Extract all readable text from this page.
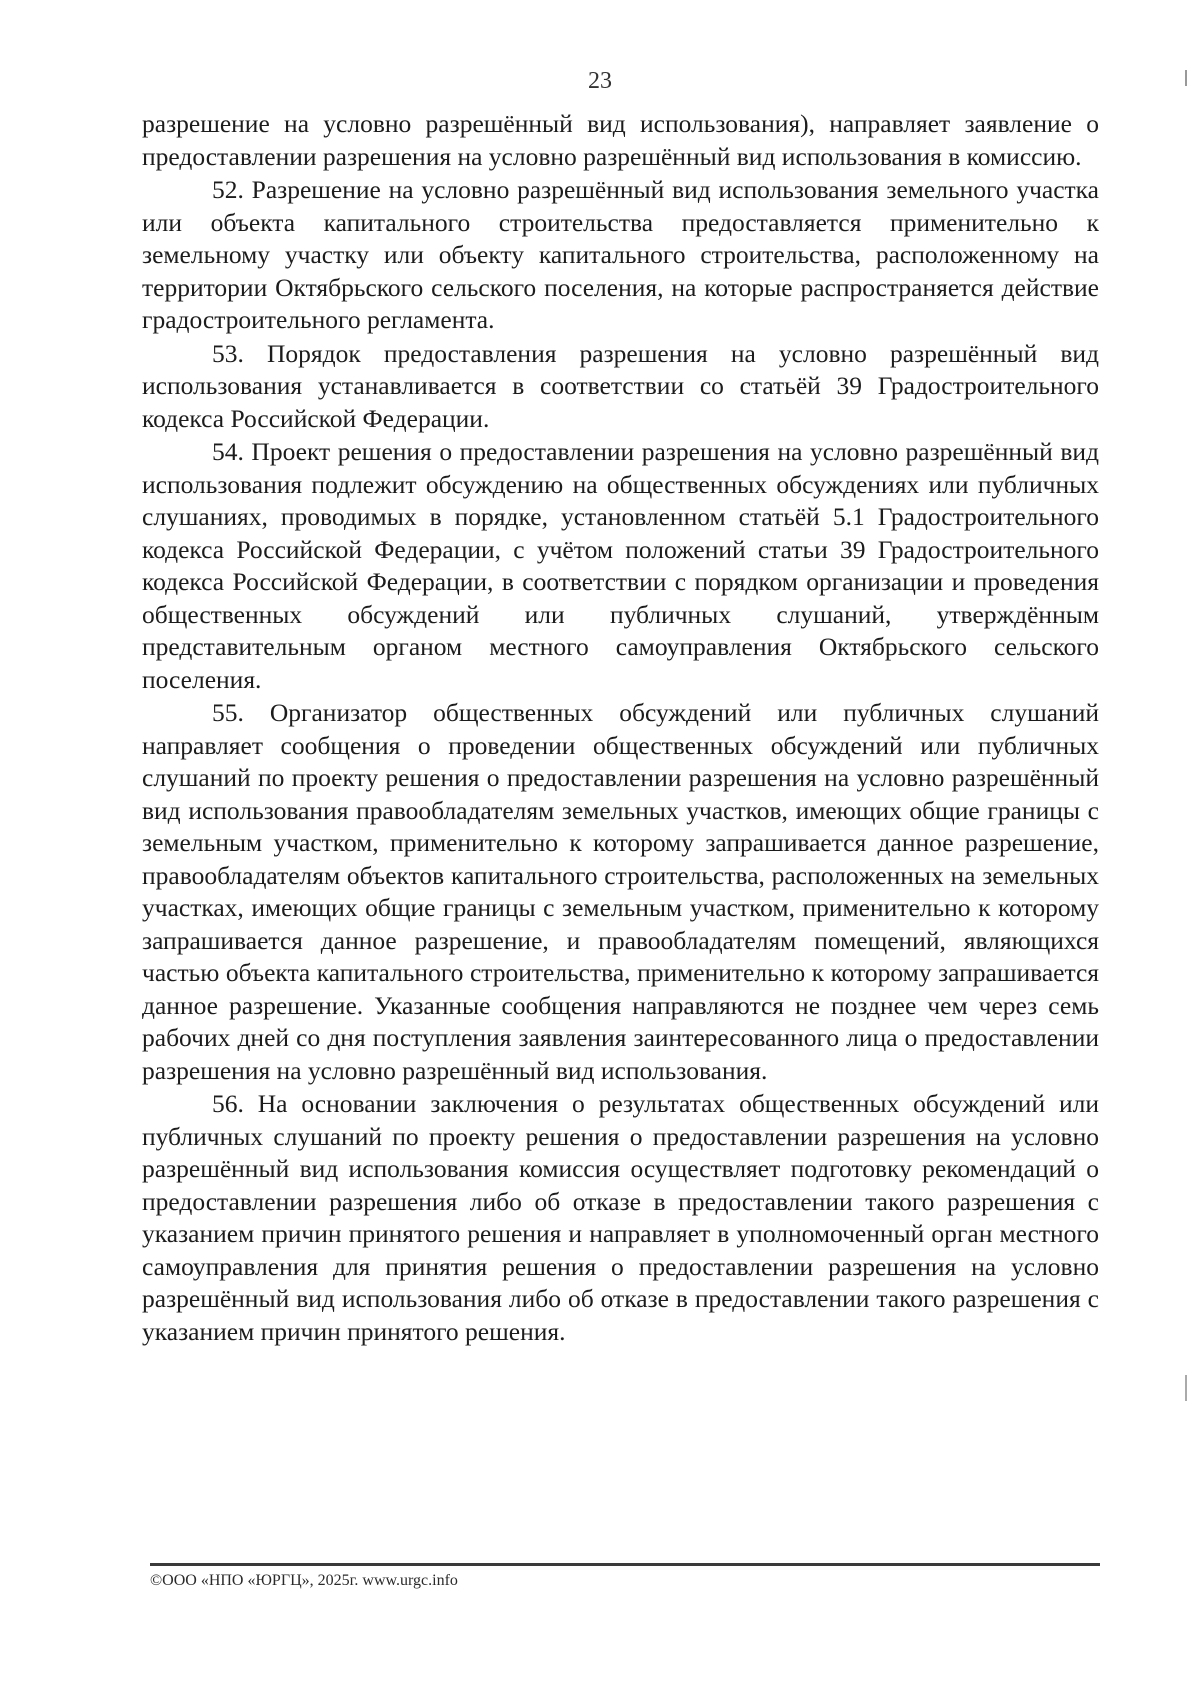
23

разрешение на условно разрешённый вид использования), направляет заявление о предоставлении разрешения на условно разрешённый вид использования в комиссию.

52. Разрешение на условно разрешённый вид использования земельного участка или объекта капитального строительства предоставляется применительно к земельному участку или объекту капитального строительства, расположенному на территории Октябрьского сельского поселения, на которые распространяется действие градостроительного регламента.

53. Порядок предоставления разрешения на условно разрешённый вид использования устанавливается в соответствии со статьёй 39 Градостроительного кодекса Российской Федерации.

54. Проект решения о предоставлении разрешения на условно разрешённый вид использования подлежит обсуждению на общественных обсуждениях или публичных слушаниях, проводимых в порядке, установленном статьёй 5.1 Градостроительного кодекса Российской Федерации, с учётом положений статьи 39 Градостроительного кодекса Российской Федерации, в соответствии с порядком организации и проведения общественных обсуждений или публичных слушаний, утверждённым представительным органом местного самоуправления Октябрьского сельского поселения.

55. Организатор общественных обсуждений или публичных слушаний направляет сообщения о проведении общественных обсуждений или публичных слушаний по проекту решения о предоставлении разрешения на условно разрешённый вид использования правообладателям земельных участков, имеющих общие границы с земельным участком, применительно к которому запрашивается данное разрешение, правообладателям объектов капитального строительства, расположенных на земельных участках, имеющих общие границы с земельным участком, применительно к которому запрашивается данное разрешение, и правообладателям помещений, являющихся частью объекта капитального строительства, применительно к которому запрашивается данное разрешение. Указанные сообщения направляются не позднее чем через семь рабочих дней со дня поступления заявления заинтересованного лица о предоставлении разрешения на условно разрешённый вид использования.

56. На основании заключения о результатах общественных обсуждений или публичных слушаний по проекту решения о предоставлении разрешения на условно разрешённый вид использования комиссия осуществляет подготовку рекомендаций о предоставлении разрешения либо об отказе в предоставлении такого разрешения с указанием причин принятого решения и направляет в уполномоченный орган местного самоуправления для принятия решения о предоставлении разрешения на условно разрешённый вид использования либо об отказе в предоставлении такого разрешения с указанием причин принятого решения.

©ООО «НПО «ЮРГЦ», 2025г. www.urgc.info
